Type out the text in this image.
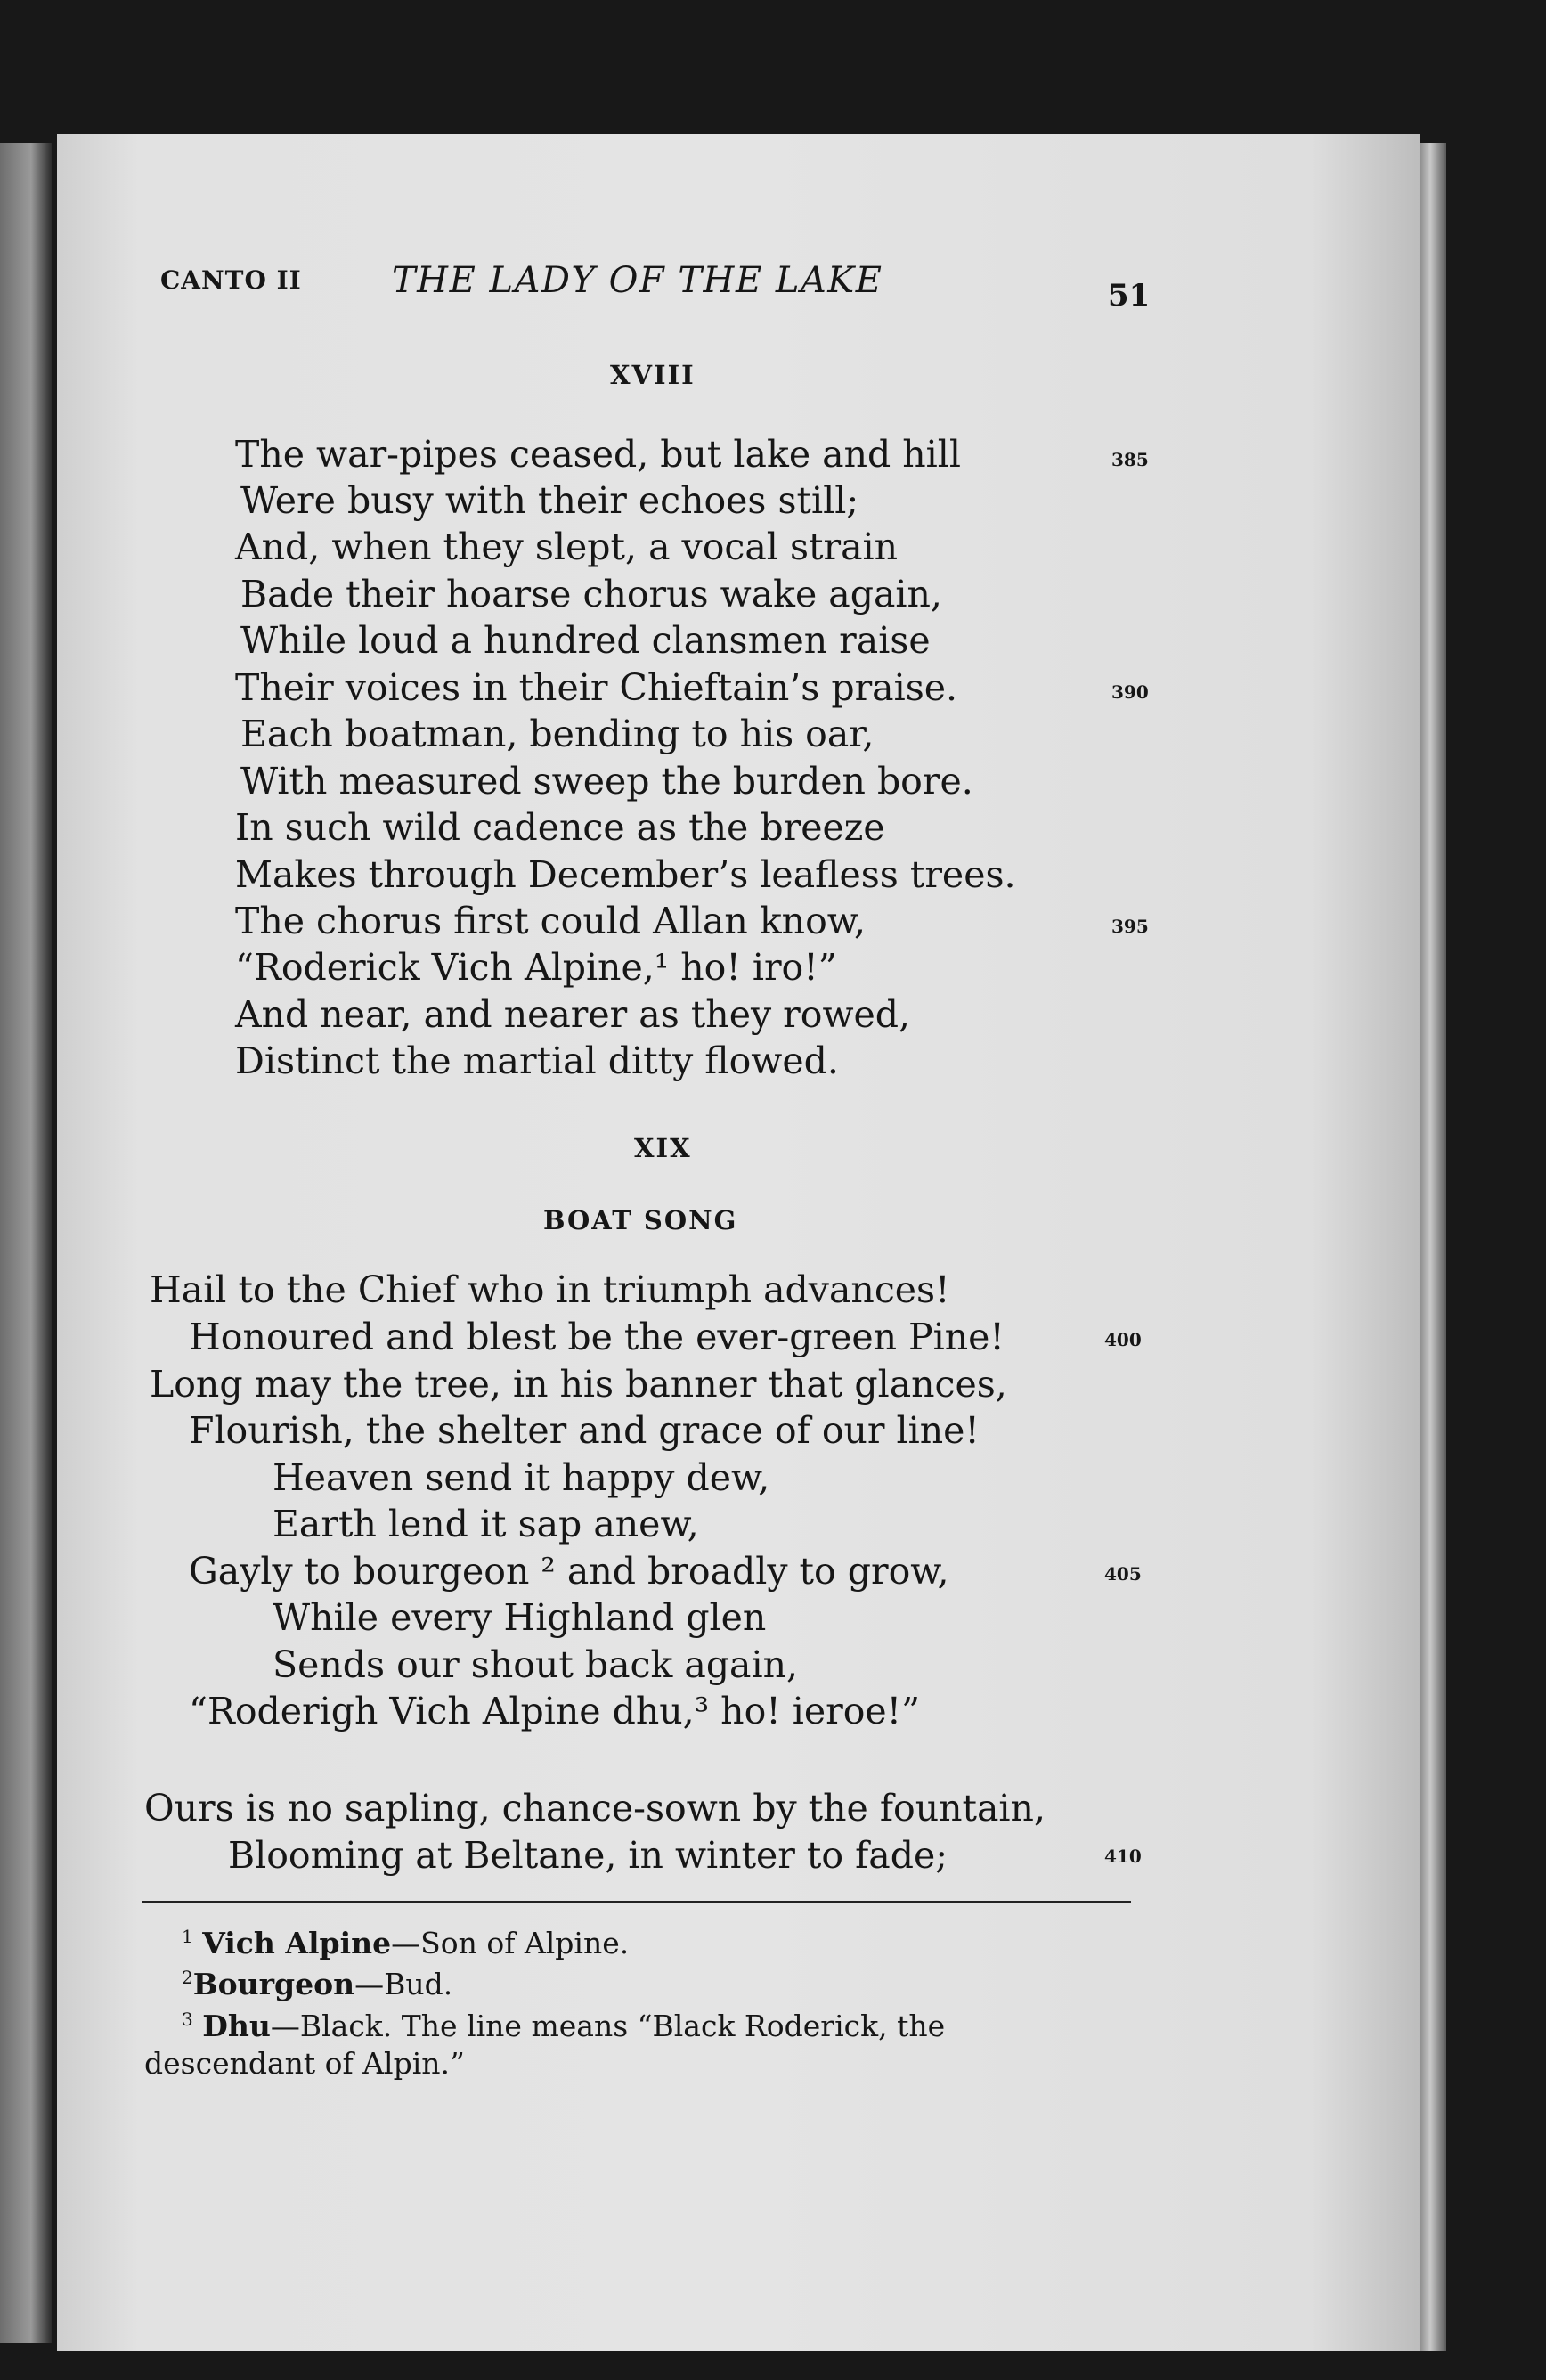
CANTO II	THE LADY OF THE LAKE	51
XVIII
The war-pipes ceased, but lake and hill
Were busy with their echoes still;
And, when they slept, a vocal strain
Bade their hoarse chorus wake again,
While loud a hundred clansmen raise
Their voices in their Chieftain’s praise.
Each boatman, bending to his oar,
With measured sweep the burden bore.
In such wild cadence as the breeze
Makes through December’s leafless trees.
The chorus first could Allan know,
“Roderick Vich Alpine,¹ ho! iro!”
And near, and nearer as they rowed,
Distinct the martial ditty flowed.
385
390
395
XIX
BOAT SONG
Hail to the Chief who in triumph advances!
Honoured and blest be the ever-green Pine!
Long may the tree, in his banner that glances,
Flourish, the shelter and grace of our line!
Heaven send it happy dew,
Earth lend it sap anew,
Gayly to bourgeon ² and broadly to grow,
While every Highland glen
Sends our shout back again,
“Roderigh Vich Alpine dhu,³ ho! ieroe!”
Ours is no sapling, chance-sown by the fountain,
Blooming at Beltane, in winter to fade;
400
405
410
$^1$ Vich Alpine—Son of Alpine.
$^2$Bourgeon—Bud.
$^3$ Dhu—Black. The line means “Black Roderick, the
descendant of Alpin.”
